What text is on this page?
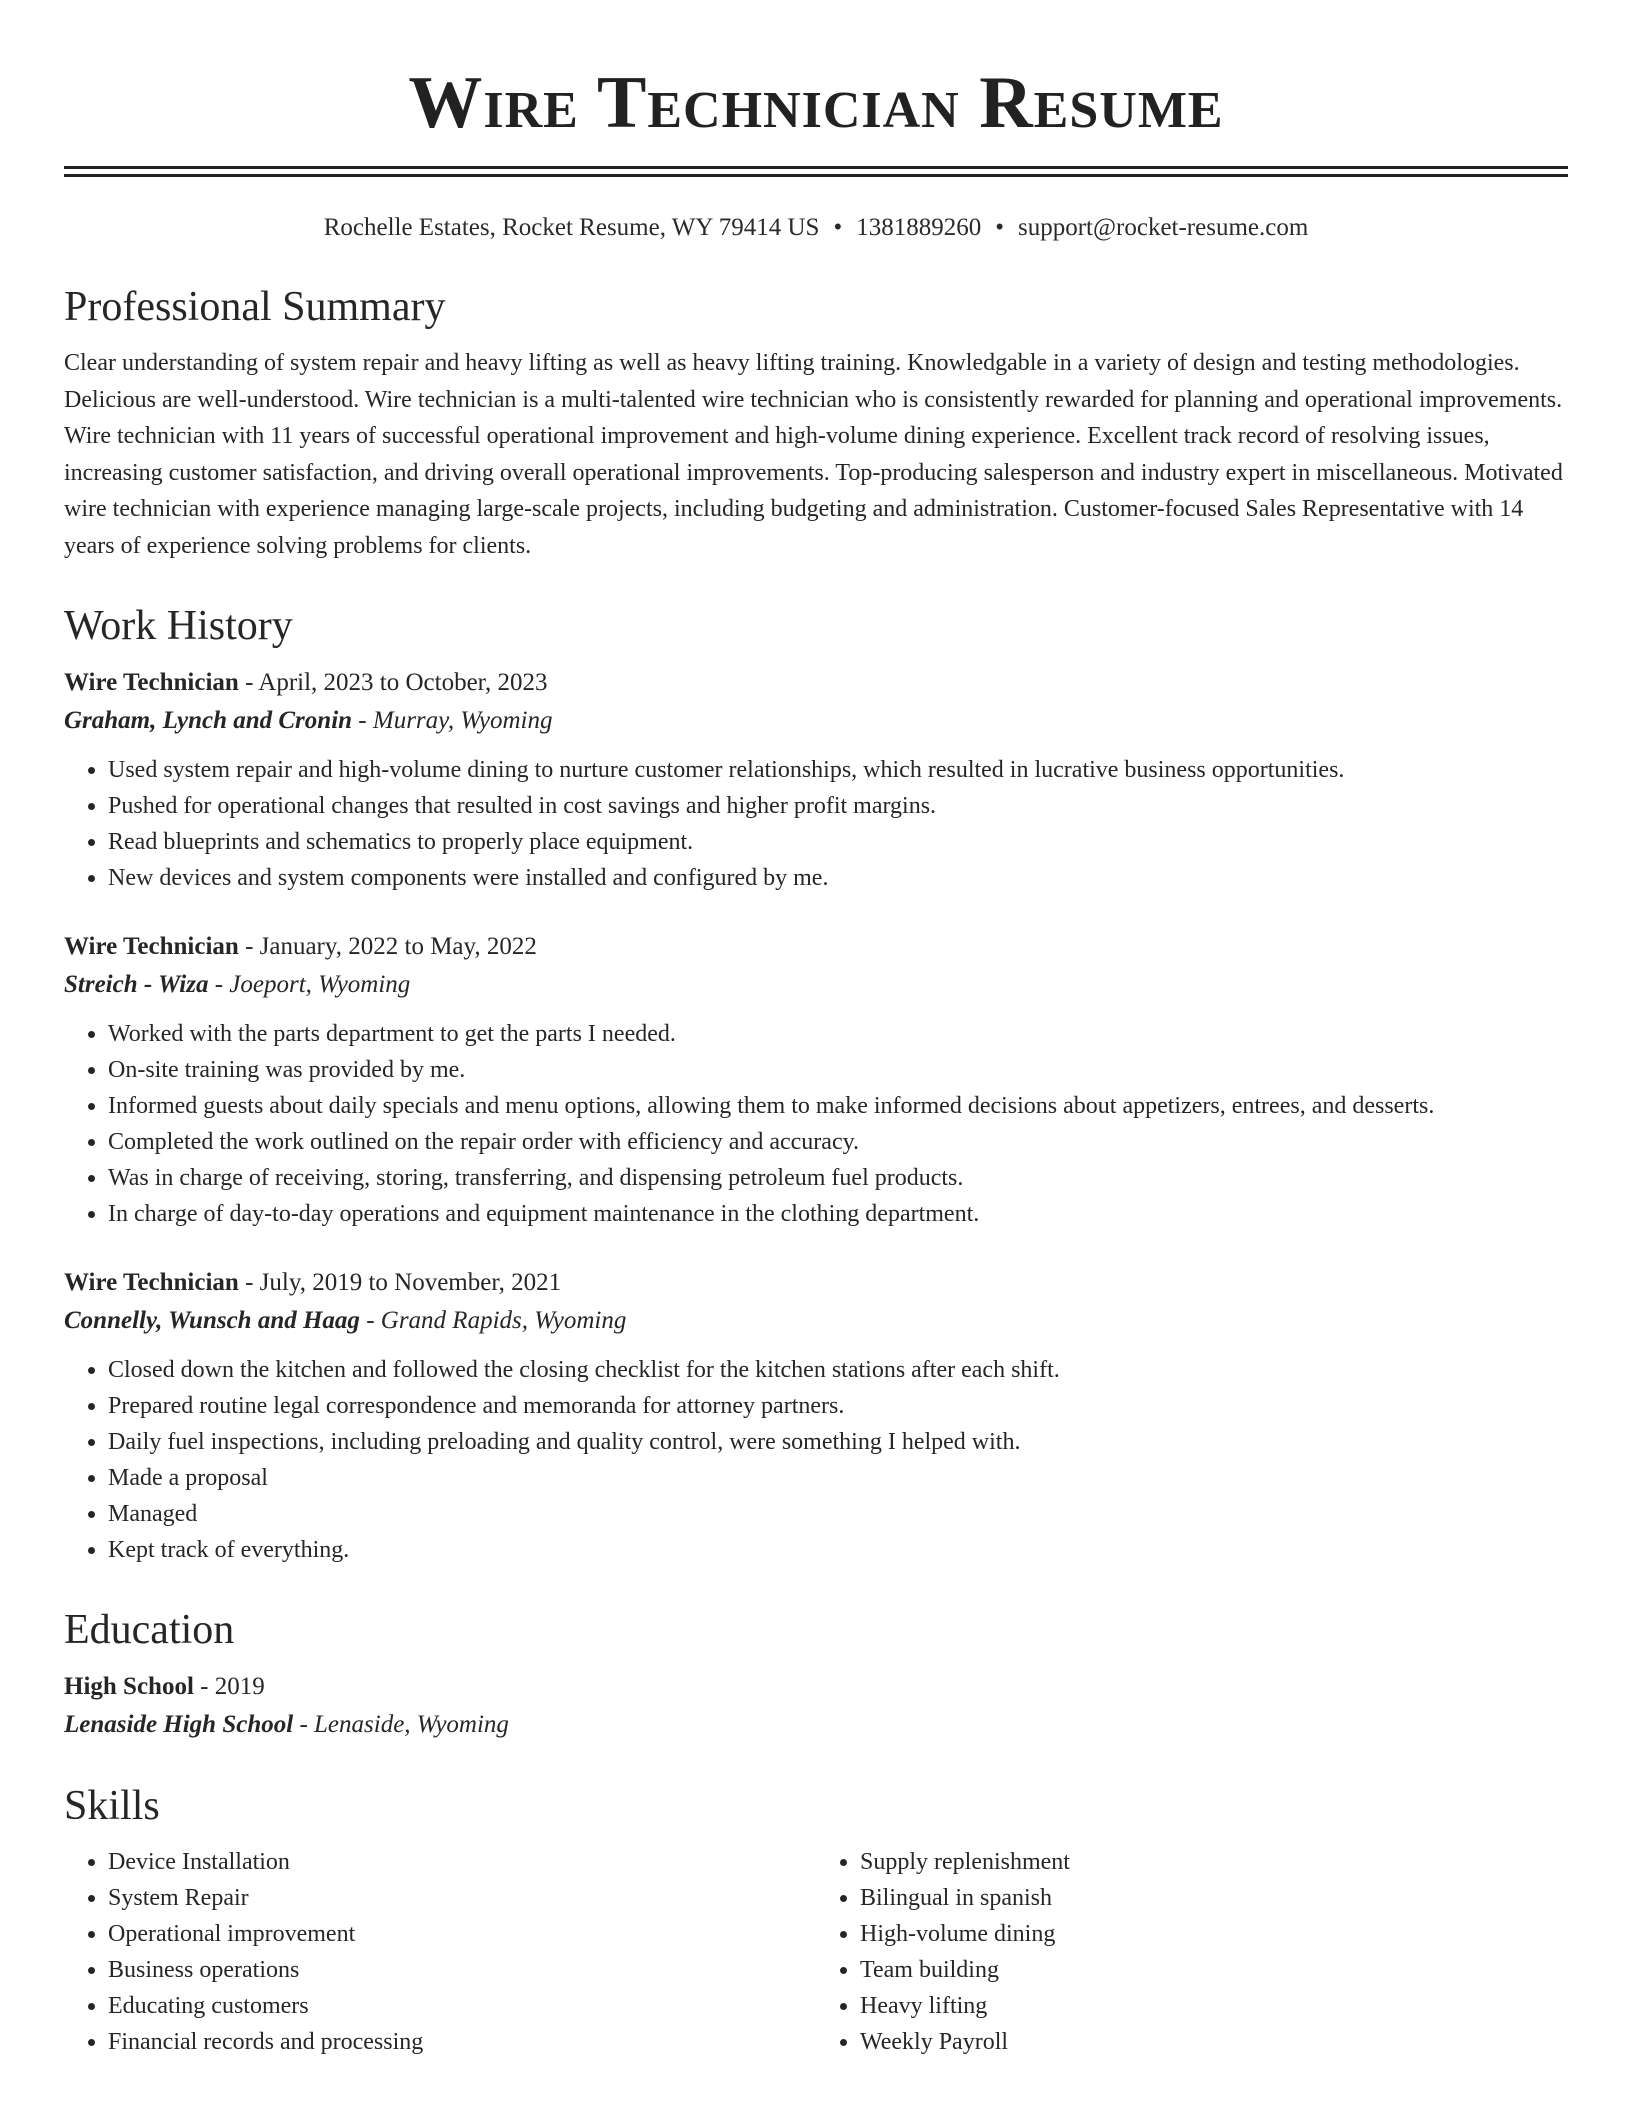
Wire Technician Resume
Rochelle Estates, Rocket Resume, WY 79414 US • 1381889260 • support@rocket-resume.com
Professional Summary

Clear understanding of system repair and heavy lifting as well as heavy lifting training. Knowledgable in a variety of design and testing methodologies. Delicious are well-understood. Wire technician is a multi-talented wire technician who is consistently rewarded for planning and operational improvements. Wire technician with 11 years of successful operational improvement and high-volume dining experience. Excellent track record of resolving issues, increasing customer satisfaction, and driving overall operational improvements. Top-producing salesperson and industry expert in miscellaneous. Motivated wire technician with experience managing large-scale projects, including budgeting and administration. Customer-focused Sales Representative with 14 years of experience solving problems for clients.

Work History
Wire Technician - April, 2023 to October, 2023
Graham, Lynch and Cronin - Murray, Wyoming
• Used system repair and high-volume dining to nurture customer relationships, which resulted in lucrative business opportunities.
• Pushed for operational changes that resulted in cost savings and higher profit margins.
• Read blueprints and schematics to properly place equipment.
• New devices and system components were installed and configured by me.
Wire Technician - January, 2022 to May, 2022
Streich - Wiza - Joeport, Wyoming
• Worked with the parts department to get the parts I needed.
• On-site training was provided by me.
• Informed guests about daily specials and menu options, allowing them to make informed decisions about appetizers, entrees, and desserts.
• Completed the work outlined on the repair order with efficiency and accuracy.
• Was in charge of receiving, storing, transferring, and dispensing petroleum fuel products.
• In charge of day-to-day operations and equipment maintenance in the clothing department.
Wire Technician - July, 2019 to November, 2021
Connelly, Wunsch and Haag - Grand Rapids, Wyoming
• Closed down the kitchen and followed the closing checklist for the kitchen stations after each shift.
• Prepared routine legal correspondence and memoranda for attorney partners.
• Daily fuel inspections, including preloading and quality control, were something I helped with.
• Made a proposal
• Managed
• Kept track of everything.
Education
High School - 2019
Lenaside High School - Lenaside, Wyoming
Skills
• Device Installation
• System Repair
• Operational improvement
• Business operations
• Educating customers
• Financial records and processing
• Supply replenishment
• Bilingual in spanish
• High-volume dining
• Team building
• Heavy lifting
• Weekly Payroll
